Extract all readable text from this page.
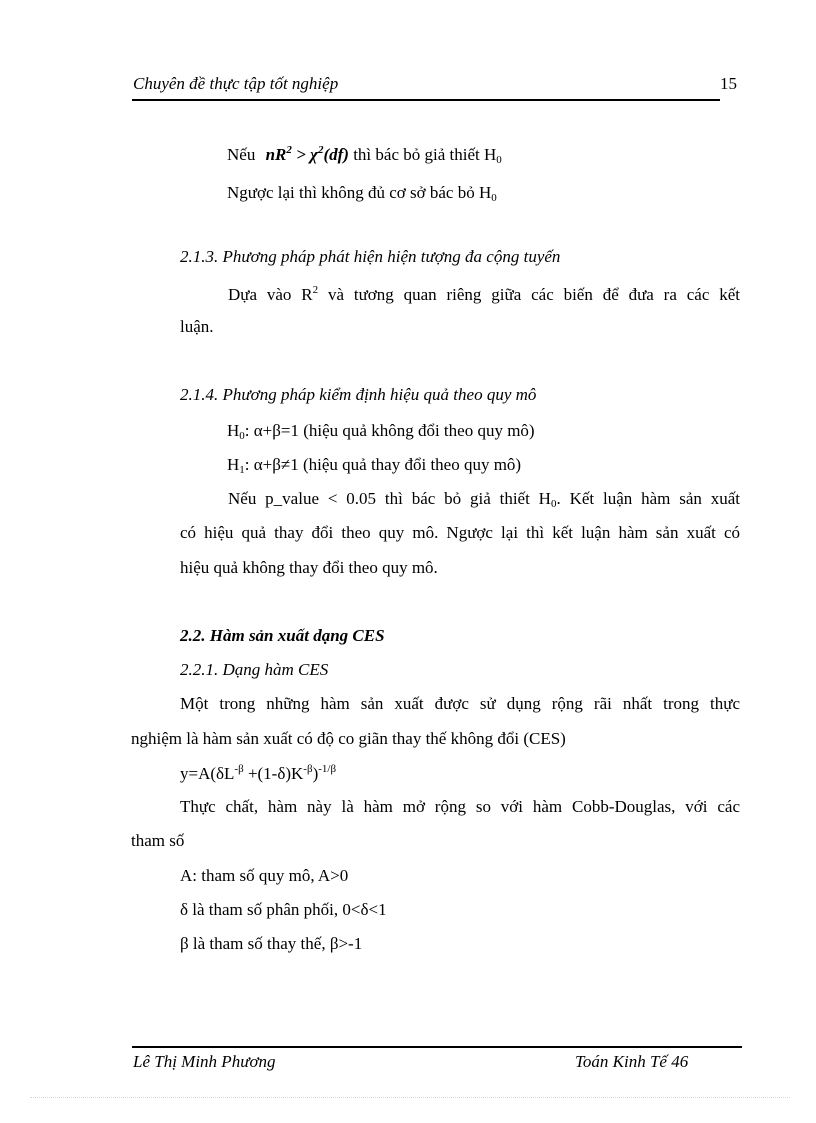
Chuyên đề thực tập tốt nghiệp	15
Nếu $nR^2 > \chi^2(df)$ thì bác bỏ giả thiết $H_0$
Ngược lại thì không đủ cơ sở bác bỏ $H_0$
2.1.3. Phương pháp phát hiện hiện tượng đa cộng tuyến
Dựa vào $R^2$ và tương quan riêng giữa các biến để đưa ra các kết
luận.
2.1.4. Phương pháp kiểm định hiệu quả theo quy mô
$H_0$: α+β=1 (hiệu quả không đổi theo quy mô)
$H_1$: α+β≠1 (hiệu quả thay đổi theo quy mô)
Nếu p_value < 0.05 thì bác bỏ giả thiết $H_0$. Kết luận hàm sản xuất
có hiệu quả thay đổi theo quy mô. Ngược lại thì kết luận hàm sản xuất có
hiệu quả không thay đổi theo quy mô.
2.2. Hàm sản xuất dạng CES
2.2.1. Dạng hàm CES
Một trong những hàm sản xuất được sử dụng rộng rãi nhất trong thực
nghiệm là hàm sản xuất có độ co giãn thay thế không đổi (CES)
$y=A(\delta L^{-\beta} +(1-\delta)K^{-\beta})^{-1/\beta}$
Thực chất, hàm này là hàm mở rộng so với hàm Cobb-Douglas, với các
tham số
A: tham số quy mô, A>0
δ là tham số phân phối, 0<δ<1
β là tham số thay thế, β>-1
Lê Thị Minh Phương	Toán Kinh Tế 46
